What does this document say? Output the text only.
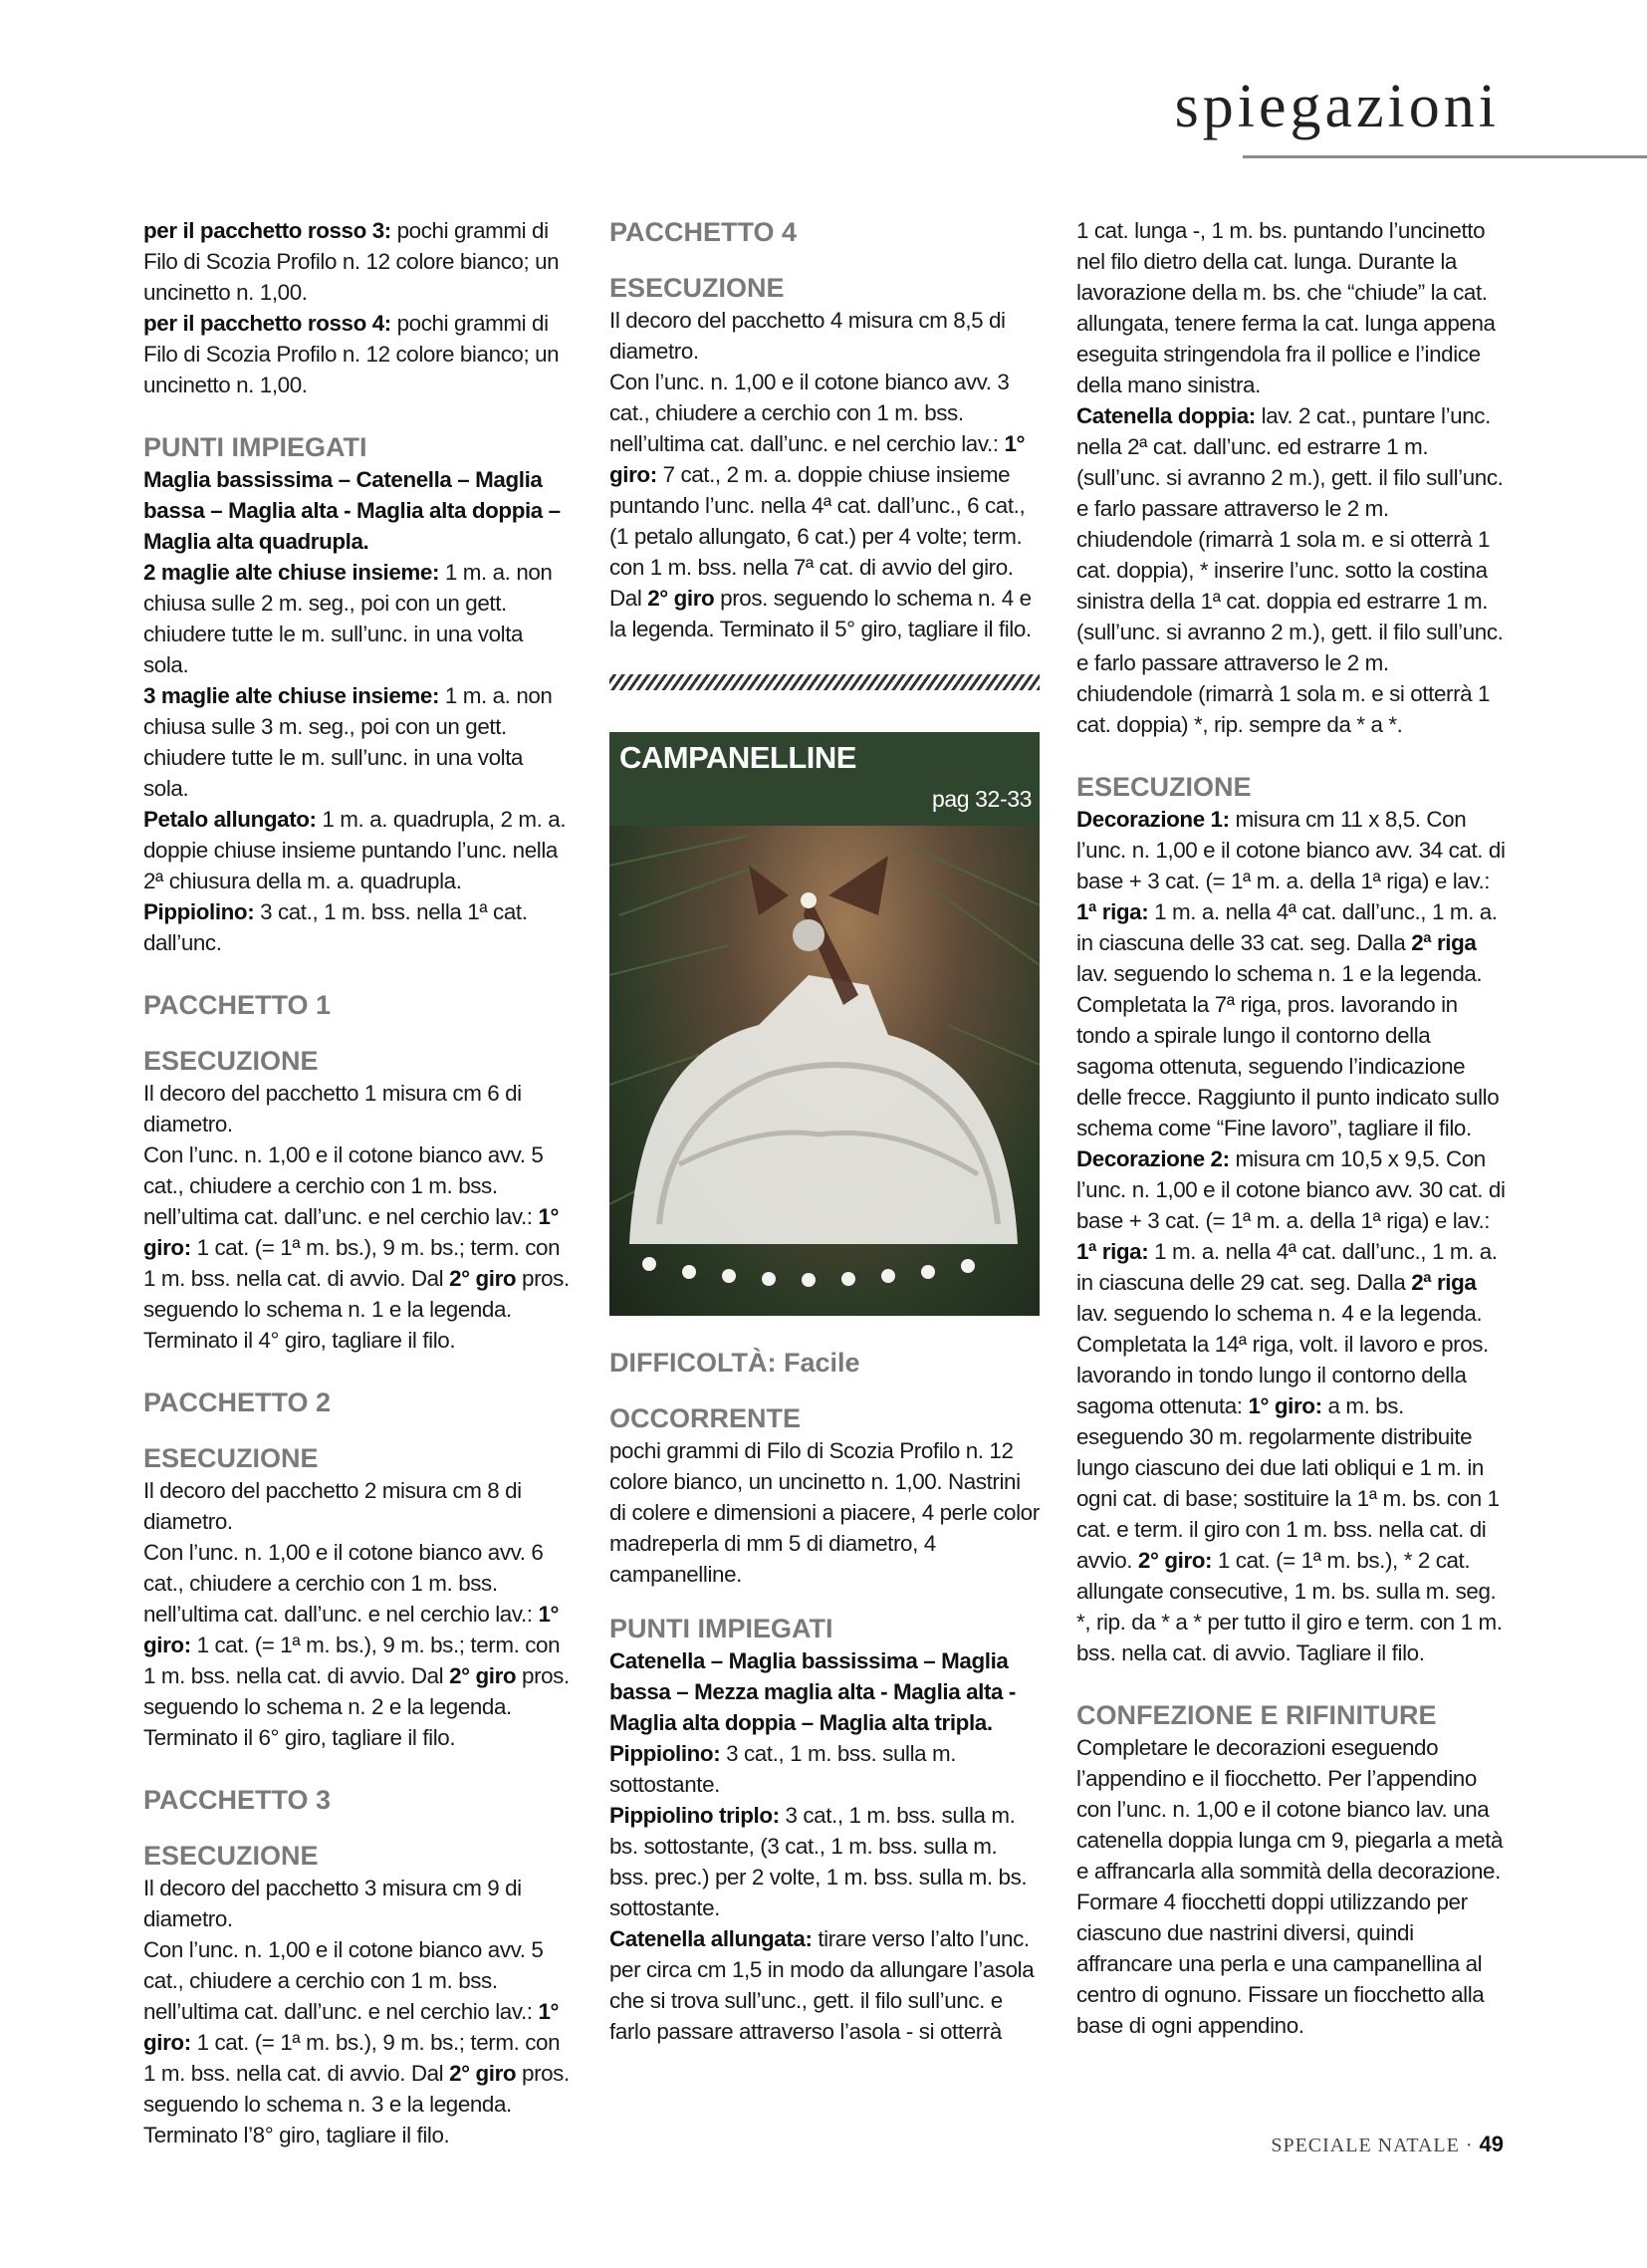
spiegazioni

per il pacchetto rosso 3: pochi grammi di Filo di Scozia Profilo n. 12 colore bianco; un uncinetto n. 1,00.

per il pacchetto rosso 4: pochi grammi di Filo di Scozia Profilo n. 12 colore bianco; un uncinetto n. 1,00.

PUNTI IMPIEGATI

Maglia bassissima – Catenella – Maglia bassa – Maglia alta - Maglia alta doppia – Maglia alta quadrupla.

2 maglie alte chiuse insieme: 1 m. a. non chiusa sulle 2 m. seg., poi con un gett. chiudere tutte le m. sull’unc. in una volta sola.

3 maglie alte chiuse insieme: 1 m. a. non chiusa sulle 3 m. seg., poi con un gett. chiudere tutte le m. sull’unc. in una volta sola.

Petalo allungato: 1 m. a. quadrupla, 2 m. a. doppie chiuse insieme puntando l’unc. nella 2ª chiusura della m. a. quadrupla.

Pippiolino: 3 cat., 1 m. bss. nella 1ª cat. dall’unc.

PACCHETTO 1
ESECUZIONE

Il decoro del pacchetto 1 misura cm 6 di diametro.

Con l’unc. n. 1,00 e il cotone bianco avv. 5 cat., chiudere a cerchio con 1 m. bss. nell’ultima cat. dall’unc. e nel cerchio lav.: 1° giro: 1 cat. (= 1ª m. bs.), 9 m. bs.; term. con 1 m. bss. nella cat. di avvio. Dal 2° giro pros. seguendo lo schema n. 1 e la legenda. Terminato il 4° giro, tagliare il filo.

PACCHETTO 2
ESECUZIONE

Il decoro del pacchetto 2 misura cm 8 di diametro.

Con l’unc. n. 1,00 e il cotone bianco avv. 6 cat., chiudere a cerchio con 1 m. bss. nell’ultima cat. dall’unc. e nel cerchio lav.: 1° giro: 1 cat. (= 1ª m. bs.), 9 m. bs.; term. con 1 m. bss. nella cat. di avvio. Dal 2° giro pros. seguendo lo schema n. 2 e la legenda. Terminato il 6° giro, tagliare il filo.

PACCHETTO 3
ESECUZIONE

Il decoro del pacchetto 3 misura cm 9 di diametro.

Con l’unc. n. 1,00 e il cotone bianco avv. 5 cat., chiudere a cerchio con 1 m. bss. nell’ultima cat. dall’unc. e nel cerchio lav.: 1° giro: 1 cat. (= 1ª m. bs.), 9 m. bs.; term. con 1 m. bss. nella cat. di avvio. Dal 2° giro pros. seguendo lo schema n. 3 e la legenda. Terminato l’8° giro, tagliare il filo.

PACCHETTO 4
ESECUZIONE

Il decoro del pacchetto 4 misura cm 8,5 di diametro.

Con l’unc. n. 1,00 e il cotone bianco avv. 3 cat., chiudere a cerchio con 1 m. bss. nell’ultima cat. dall’unc. e nel cerchio lav.: 1° giro: 7 cat., 2 m. a. doppie chiuse insieme puntando l’unc. nella 4ª cat. dall’unc., 6 cat., (1 petalo allungato, 6 cat.) per 4 volte; term. con 1 m. bss. nella 7ª cat. di avvio del giro. Dal 2° giro pros. seguendo lo schema n. 4 e la legenda. Terminato il 5° giro, tagliare il filo.

CAMPANELLINE
pag 32-33
DIFFICOLTÀ: Facile
OCCORRENTE

pochi grammi di Filo di Scozia Profilo n. 12 colore bianco, un uncinetto n. 1,00. Nastrini di colere e dimensioni a piacere, 4 perle color madreperla di mm 5 di diametro, 4 campanelline.

PUNTI IMPIEGATI

Catenella – Maglia bassissima – Maglia bassa – Mezza maglia alta - Maglia alta - Maglia alta doppia – Maglia alta tripla.

Pippiolino: 3 cat., 1 m. bss. sulla m. sottostante.

Pippiolino triplo: 3 cat., 1 m. bss. sulla m. bs. sottostante, (3 cat., 1 m. bss. sulla m. bss. prec.) per 2 volte, 1 m. bss. sulla m. bs. sottostante.

Catenella allungata: tirare verso l’alto l’unc. per circa cm 1,5 in modo da allungare l’asola che si trova sull’unc., gett. il filo sull’unc. e farlo passare attraverso l’asola - si otterrà

1 cat. lunga -, 1 m. bs. puntando l’uncinetto nel filo dietro della cat. lunga. Durante la lavorazione della m. bs. che “chiude” la cat. allungata, tenere ferma la cat. lunga appena eseguita stringendola fra il pollice e l’indice della mano sinistra.

Catenella doppia: lav. 2 cat., puntare l’unc. nella 2ª cat. dall’unc. ed estrarre 1 m. (sull’unc. si avranno 2 m.), gett. il filo sull’unc. e farlo passare attraverso le 2 m. chiudendole (rimarrà 1 sola m. e si otterrà 1 cat. doppia), * inserire l’unc. sotto la costina sinistra della 1ª cat. doppia ed estrarre 1 m. (sull’unc. si avranno 2 m.), gett. il filo sull’unc. e farlo passare attraverso le 2 m. chiudendole (rimarrà 1 sola m. e si otterrà 1 cat. doppia) *, rip. sempre da * a *.

ESECUZIONE

Decorazione 1: misura cm 11 x 8,5. Con l’unc. n. 1,00 e il cotone bianco avv. 34 cat. di base + 3 cat. (= 1ª m. a. della 1ª riga) e lav.: 1ª riga: 1 m. a. nella 4ª cat. dall’unc., 1 m. a. in ciascuna delle 33 cat. seg. Dalla 2ª riga lav. seguendo lo schema n. 1 e la legenda. Completata la 7ª riga, pros. lavorando in tondo a spirale lungo il contorno della sagoma ottenuta, seguendo l’indicazione delle frecce. Raggiunto il punto indicato sullo schema come “Fine lavoro”, tagliare il filo.

Decorazione 2: misura cm 10,5 x 9,5. Con l’unc. n. 1,00 e il cotone bianco avv. 30 cat. di base + 3 cat. (= 1ª m. a. della 1ª riga) e lav.: 1ª riga: 1 m. a. nella 4ª cat. dall’unc., 1 m. a. in ciascuna delle 29 cat. seg. Dalla 2ª riga lav. seguendo lo schema n. 4 e la legenda. Completata la 14ª riga, volt. il lavoro e pros. lavorando in tondo lungo il contorno della sagoma ottenuta: 1° giro: a m. bs. eseguendo 30 m. regolarmente distribuite lungo ciascuno dei due lati obliqui e 1 m. in ogni cat. di base; sostituire la 1ª m. bs. con 1 cat. e term. il giro con 1 m. bss. nella cat. di avvio. 2° giro: 1 cat. (= 1ª m. bs.), * 2 cat. allungate consecutive, 1 m. bs. sulla m. seg. *, rip. da * a * per tutto il giro e term. con 1 m. bss. nella cat. di avvio. Tagliare il filo.

CONFEZIONE E RIFINITURE

Completare le decorazioni eseguendo l’appendino e il fiocchetto. Per l’appendino con l’unc. n. 1,00 e il cotone bianco lav. una catenella doppia lunga cm 9, piegarla a metà e affrancarla alla sommità della decorazione. Formare 4 fiocchetti doppi utilizzando per ciascuno due nastrini diversi, quindi affrancare una perla e una campanellina al centro di ognuno. Fissare un fiocchetto alla base di ogni appendino.

SPECIALE NATALE · 49
